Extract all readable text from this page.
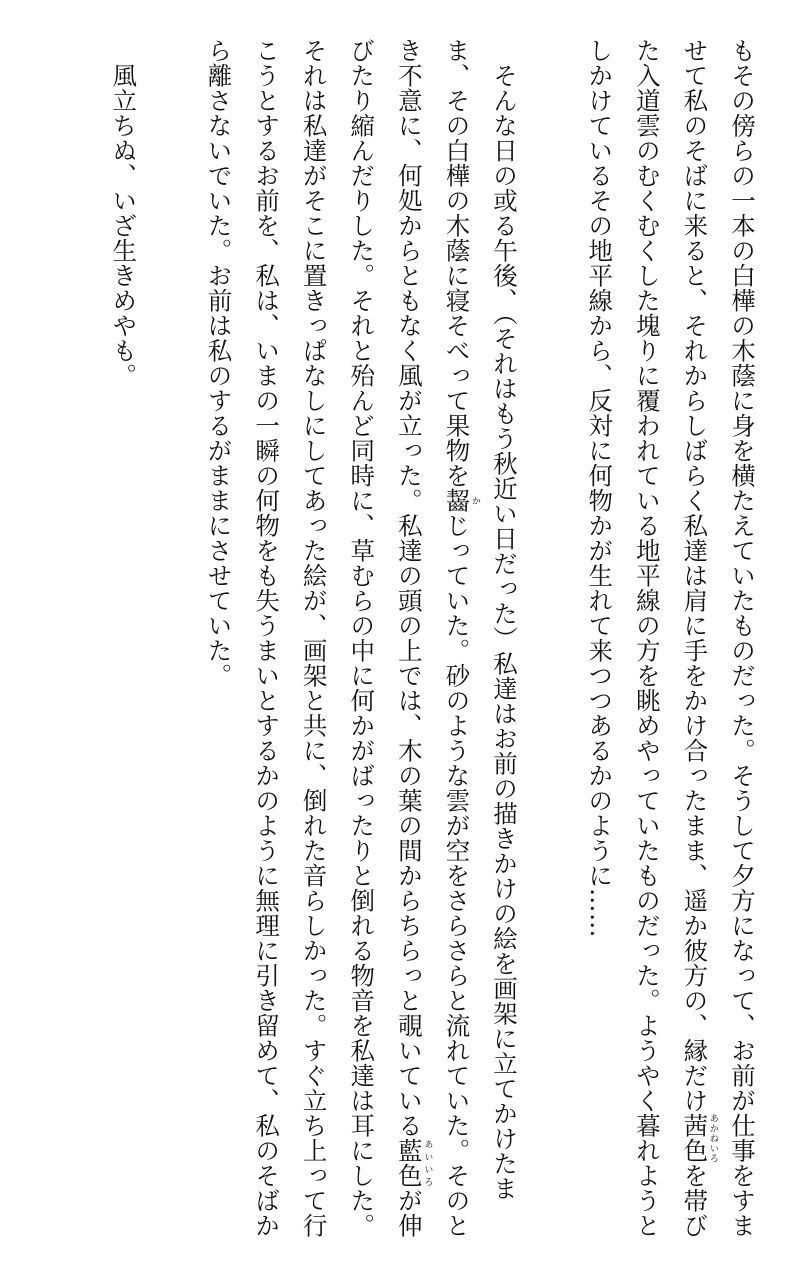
もその傍らの一本の白樺の木蔭に身を横たえていたものだった。そうして夕方になって、お前が仕事をすませて私のそばに来ると、それからしばらく私達は肩に手をかけ合ったまま、遥か彼方の、縁だけ茜色あかねいろを帯びた入道雲のむくむくした塊りに覆われている地平線の方を眺めやっていたものだった。ようやく暮れようとしかけているその地平線から、反対に何物かが生れて来つつあるかのように……

そんな日の或る午後、（それはもう秋近い日だった）私達はお前の描きかけの絵を画架に立てかけたまま、その白樺の木蔭に寝そべって果物を齧かじっていた。砂のような雲が空をさらさらと流れていた。そのとき不意に、何処からともなく風が立った。私達の頭の上では、木の葉の間からちらっと覗いている藍色あいいろが伸びたり縮んだりした。それと殆んど同時に、草むらの中に何かがばったりと倒れる物音を私達は耳にした。それは私達がそこに置きっぱなしにしてあった絵が、画架と共に、倒れた音らしかった。すぐ立ち上って行こうとするお前を、私は、いまの一瞬の何物をも失うまいとするかのように無理に引き留めて、私のそばから離さないでいた。お前は私のするがままにさせていた。

風立ちぬ、いざ生きめやも。
